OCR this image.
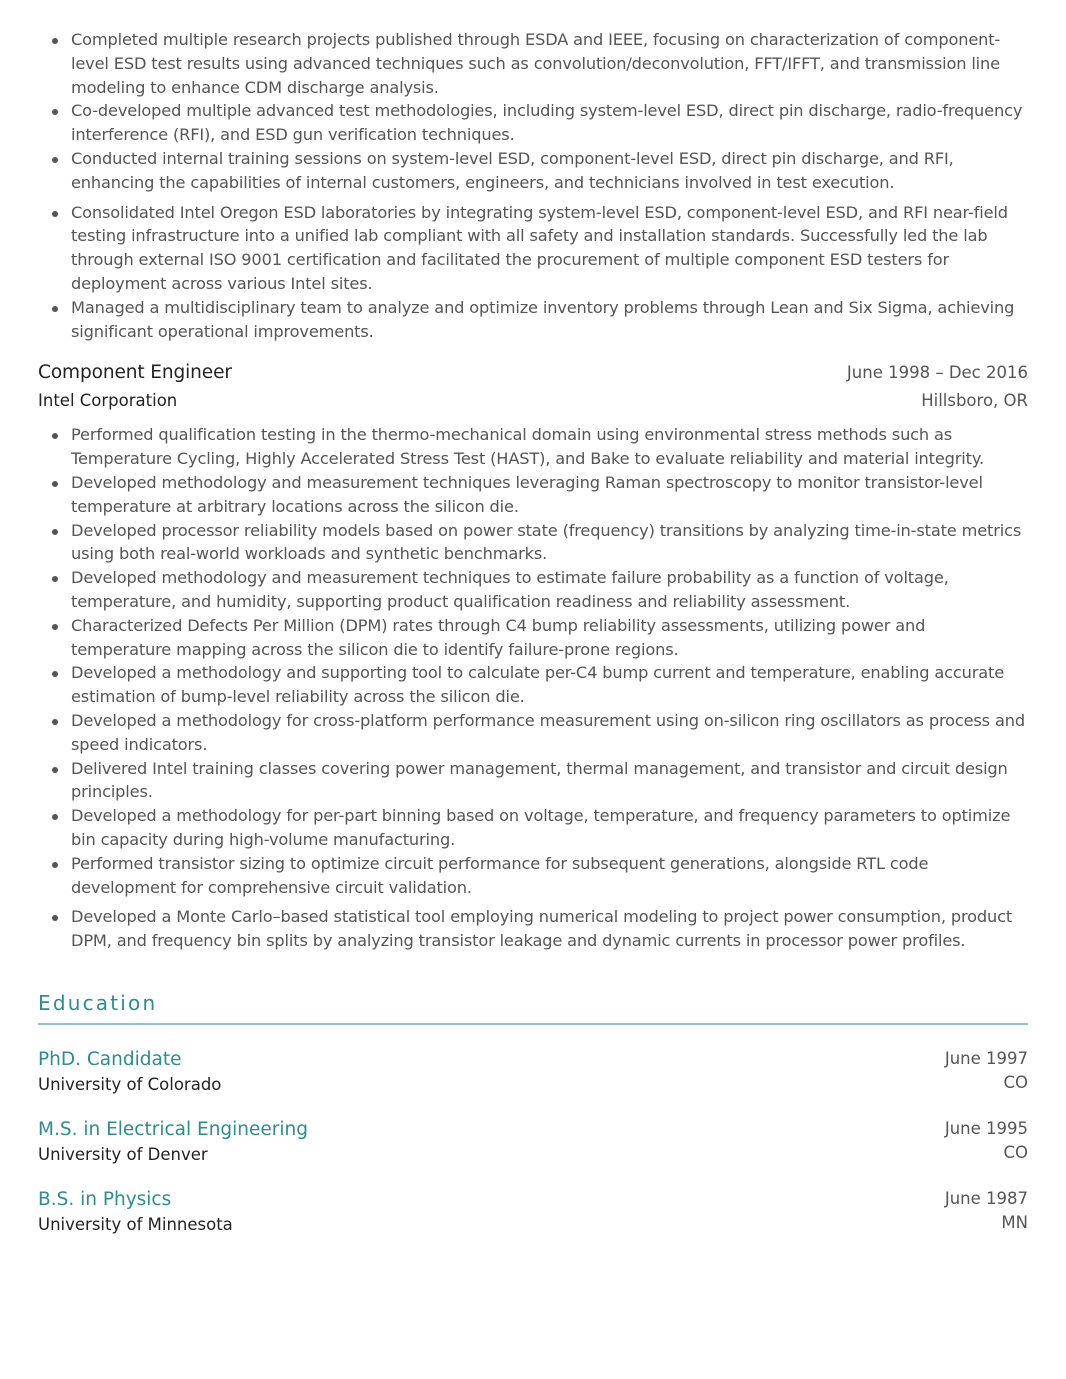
Completed multiple research projects published through ESDA and IEEE, focusing on characterization of component-level ESD test results using advanced techniques such as convolution/deconvolution, FFT/IFFT, and transmission line modeling to enhance CDM discharge analysis.
Co-developed multiple advanced test methodologies, including system-level ESD, direct pin discharge, radio-frequency interference (RFI), and ESD gun verification techniques.
Conducted internal training sessions on system-level ESD, component-level ESD, direct pin discharge, and RFI, enhancing the capabilities of internal customers, engineers, and technicians involved in test execution.
Consolidated Intel Oregon ESD laboratories by integrating system-level ESD, component-level ESD, and RFI near-field testing infrastructure into a unified lab compliant with all safety and installation standards. Successfully led the lab through external ISO 9001 certification and facilitated the procurement of multiple component ESD testers for deployment across various Intel sites.
Managed a multidisciplinary team to analyze and optimize inventory problems through Lean and Six Sigma, achieving significant operational improvements.
Component Engineer
Intel Corporation
June 1998 – Dec 2016
Hillsboro, OR
Performed qualification testing in the thermo-mechanical domain using environmental stress methods such as Temperature Cycling, Highly Accelerated Stress Test (HAST), and Bake to evaluate reliability and material integrity.
Developed methodology and measurement techniques leveraging Raman spectroscopy to monitor transistor-level temperature at arbitrary locations across the silicon die.
Developed processor reliability models based on power state (frequency) transitions by analyzing time-in-state metrics using both real-world workloads and synthetic benchmarks.
Developed methodology and measurement techniques to estimate failure probability as a function of voltage, temperature, and humidity, supporting product qualification readiness and reliability assessment.
Characterized Defects Per Million (DPM) rates through C4 bump reliability assessments, utilizing power and temperature mapping across the silicon die to identify failure-prone regions.
Developed a methodology and supporting tool to calculate per-C4 bump current and temperature, enabling accurate estimation of bump-level reliability across the silicon die.
Developed a methodology for cross-platform performance measurement using on-silicon ring oscillators as process and speed indicators.
Delivered Intel training classes covering power management, thermal management, and transistor and circuit design principles.
Developed a methodology for per-part binning based on voltage, temperature, and frequency parameters to optimize bin capacity during high-volume manufacturing.
Performed transistor sizing to optimize circuit performance for subsequent generations, alongside RTL code development for comprehensive circuit validation.
Developed a Monte Carlo–based statistical tool employing numerical modeling to project power consumption, product DPM, and frequency bin splits by analyzing transistor leakage and dynamic currents in processor power profiles.
Education
PhD. Candidate
University of Colorado
June 1997
CO
M.S. in Electrical Engineering
University of Denver
June 1995
CO
B.S. in Physics
University of Minnesota
June 1987
MN
